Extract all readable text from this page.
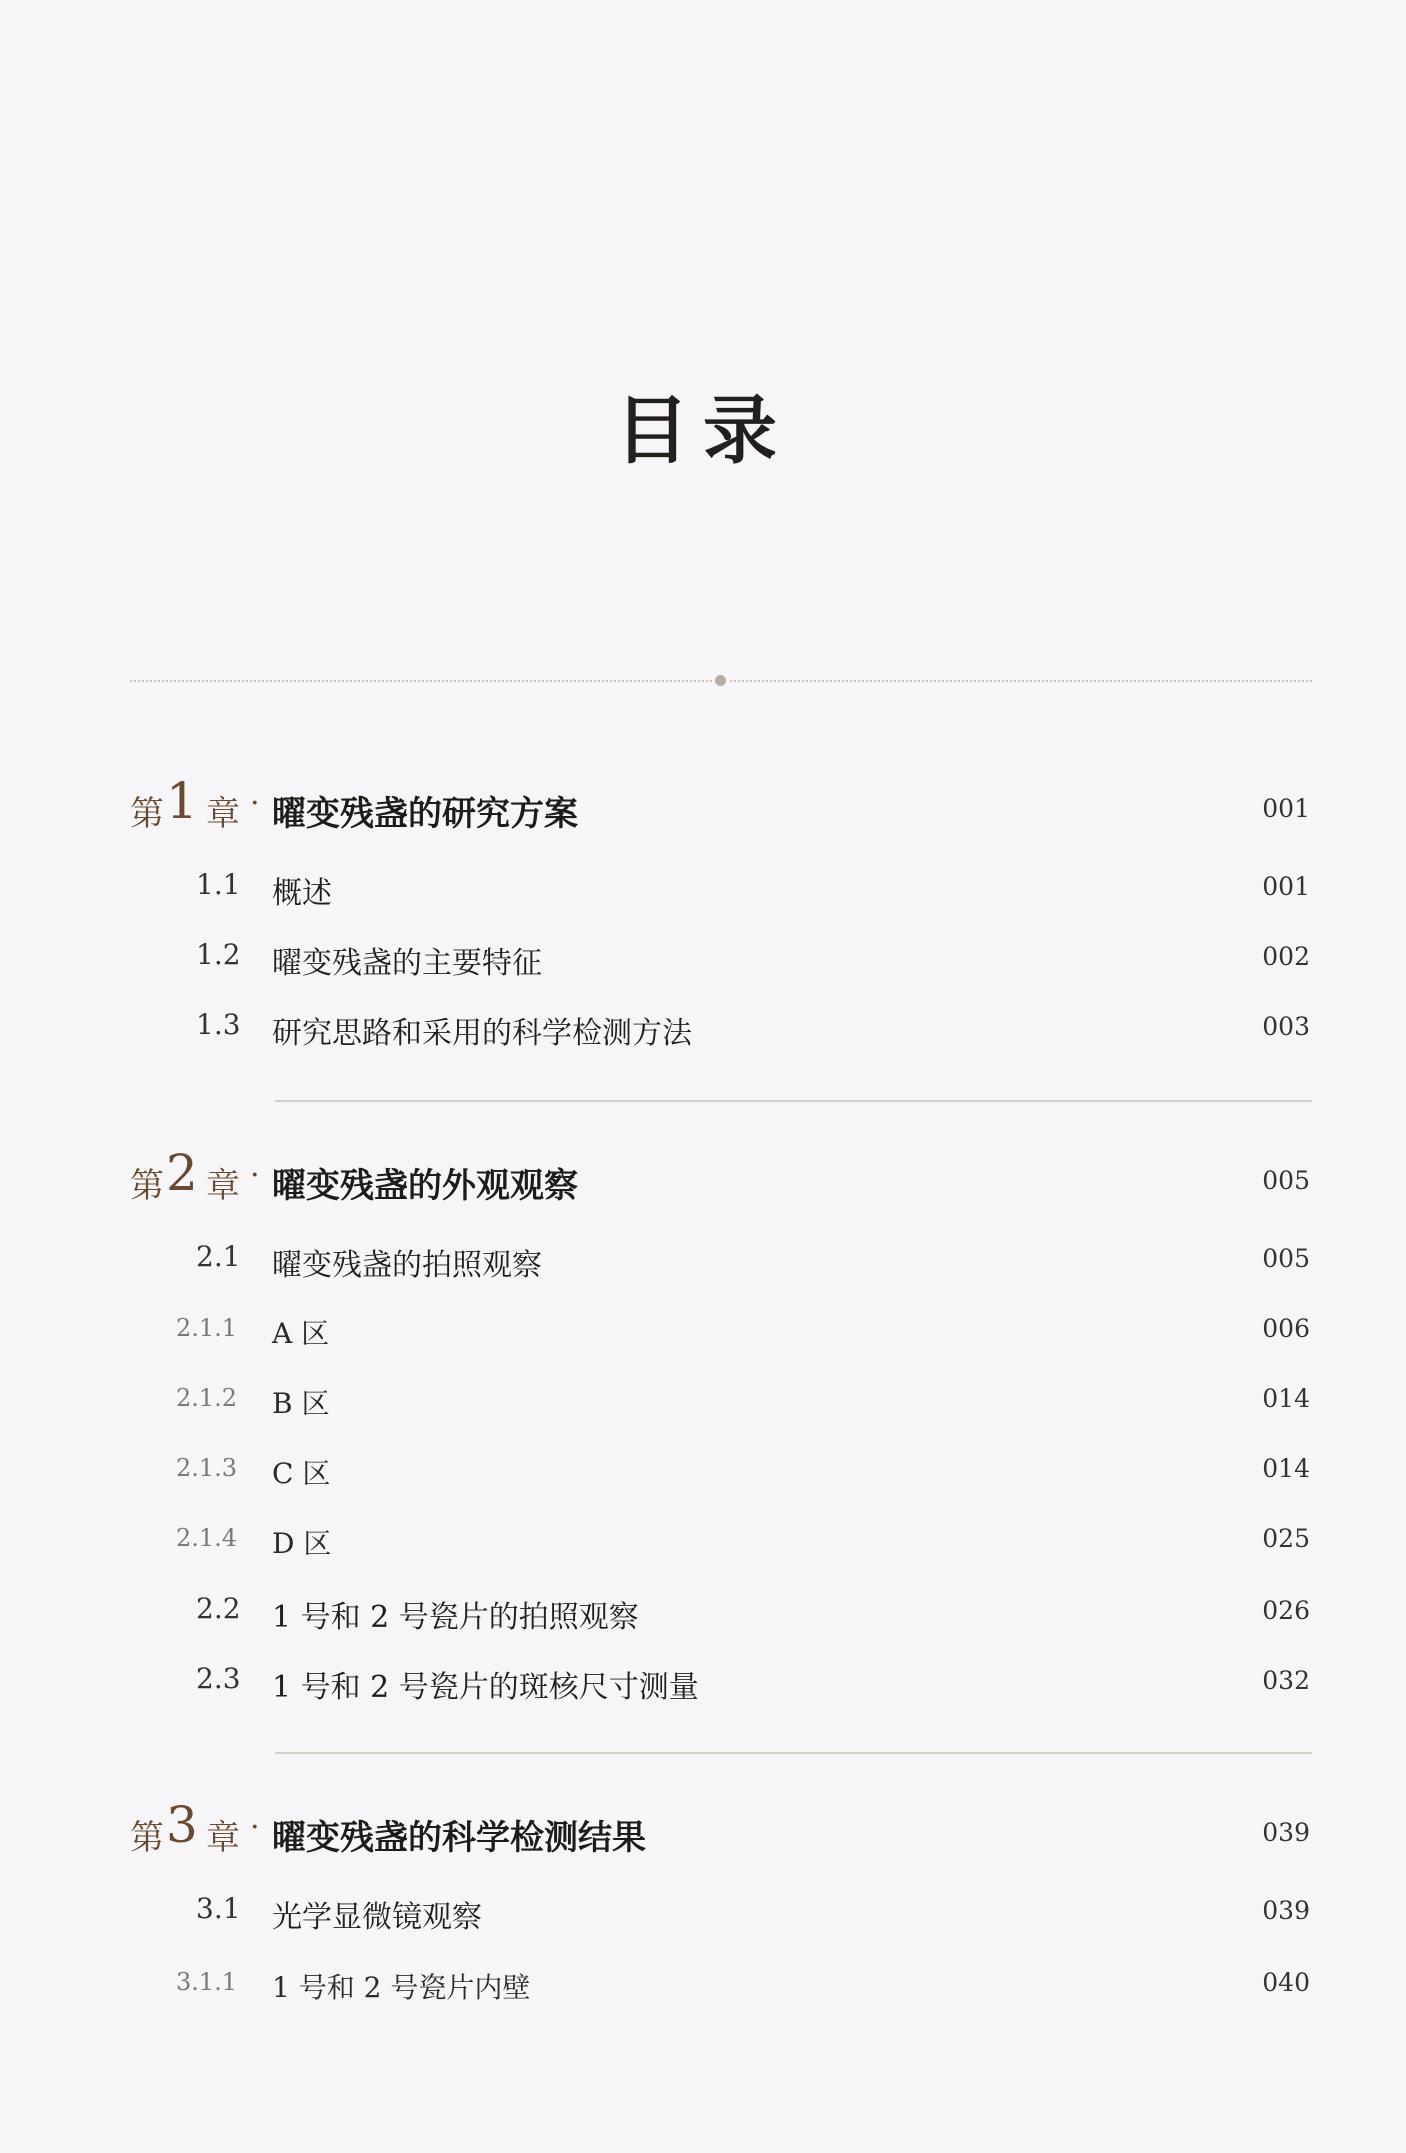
目录
第 1 章 · 曜变残盏的研究方案	001
1.1 概述	001
1.2 曜变残盏的主要特征	002
1.3 研究思路和采用的科学检测方法	003
第 2 章 · 曜变残盏的外观观察	005
2.1 曜变残盏的拍照观察	005
2.1.1 A 区	006
2.1.2 B 区	014
2.1.3 C 区	014
2.1.4 D 区	025
2.2 1 号和 2 号瓷片的拍照观察	026
2.3 1 号和 2 号瓷片的斑核尺寸测量	032
第 3 章 · 曜变残盏的科学检测结果	039
3.1 光学显微镜观察	039
3.1.1 1 号和 2 号瓷片内壁	040
